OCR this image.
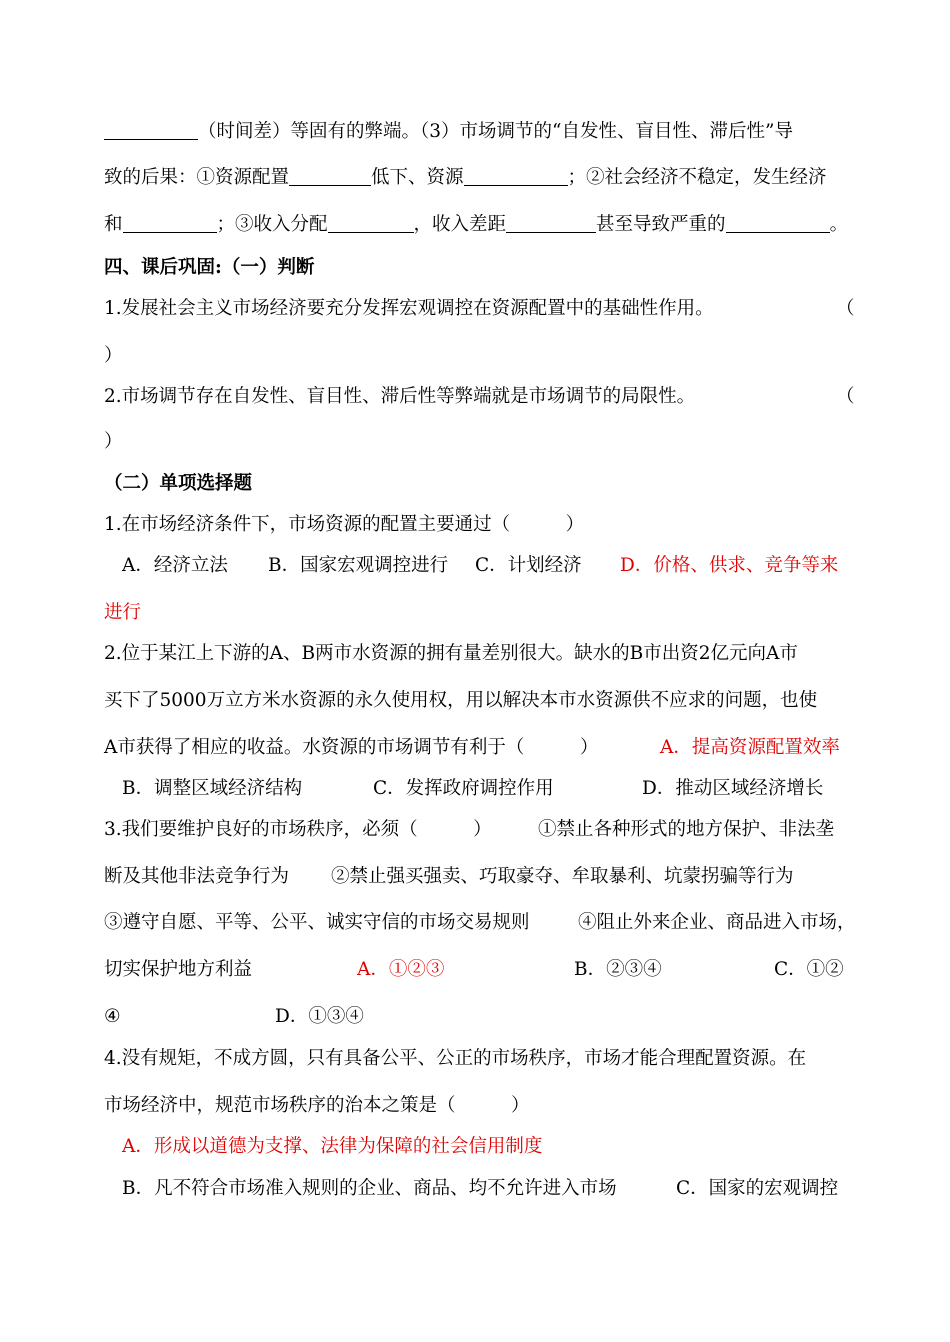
（时间差）等固有的弊端。（3）市场调节的“自发性、盲目性、滞后性”导
致的后果：①资源配置	低下、资源	；②社会经济不稳定，发生经济
和	；③收入分配	，收入差距	甚至导致严重的	。
四、课后巩固:（一）判断
1.发展社会主义市场经济要充分发挥宏观调控在资源配置中的基础性作用。	（
）
2.市场调节存在自发性、盲目性、滞后性等弊端就是市场调节的局限性。	（
）
（二）单项选择题
1.在市场经济条件下，市场资源的配置主要通过（　　　）
A．经济立法 B．国家宏观调控进行 C．计划经济 D．价格、供求、竞争等来
进行
2.位于某江上下游的A、B两市水资源的拥有量差别很大。缺水的B市出资2亿元向A市
买下了5000万立方米水资源的永久使用权，用以解决本市水资源供不应求的问题，也使
A市获得了相应的收益。水资源的市场调节有利于（　　　）	A．提高资源配置效率
B．调整区域经济结构	C．发挥政府调控作用	D．推动区域经济增长
3.我们要维护良好的市场秩序，必须（　　　）	①禁止各种形式的地方保护、非法垄
断及其他非法竞争行为 ②禁止强买强卖、巧取豪夺、牟取暴利、坑蒙拐骗等行为
③遵守自愿、平等、公平、诚实守信的市场交易规则	④阻止外来企业、商品进入市场，
切实保护地方利益	A．①②③	B．②③④	C．①②
④	D．①③④
4.没有规矩，不成方圆，只有具备公平、公正的市场秩序，市场才能合理配置资源。在
市场经济中，规范市场秩序的治本之策是（　　　）
A．形成以道德为支撑、法律为保障的社会信用制度
B．凡不符合市场准入规则的企业、商品、均不允许进入市场	C．国家的宏观调控
